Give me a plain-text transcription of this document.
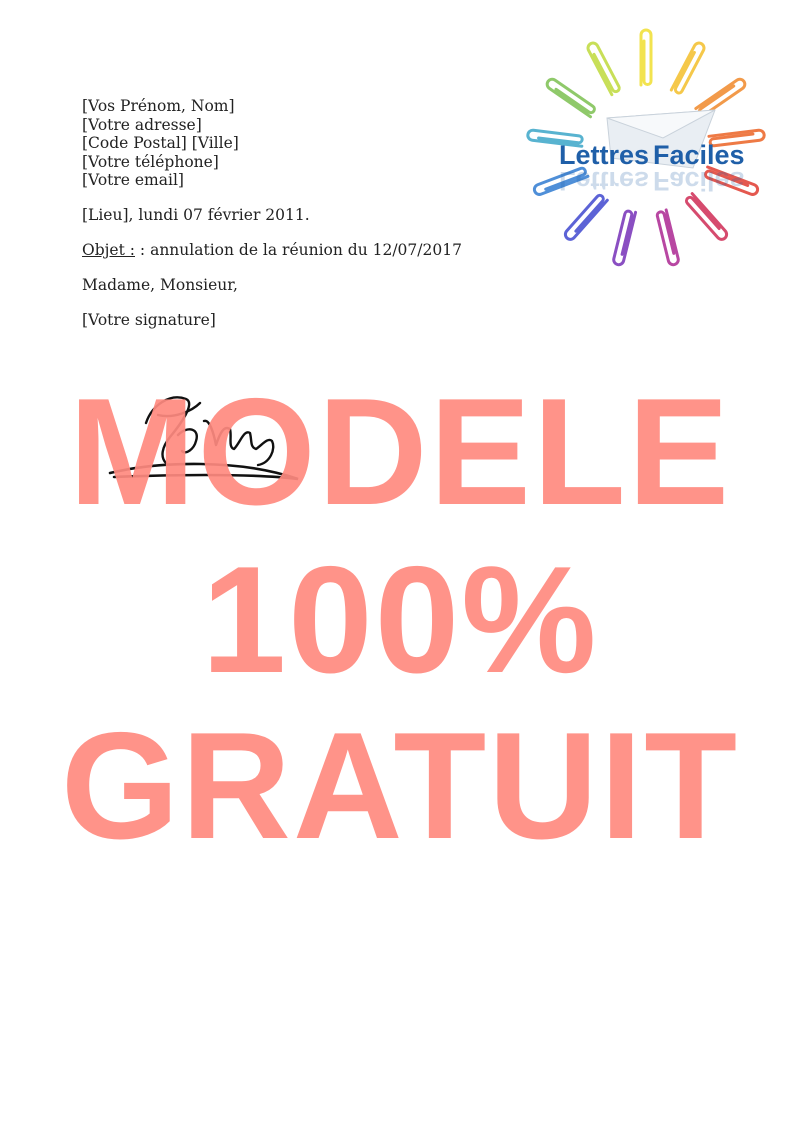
[Vos Prénom, Nom]
[Votre adresse]
[Code Postal] [Ville]
[Votre téléphone]
[Votre email]
[Lieu], lundi 07 février 2011.
Objet : : annulation de la réunion du 12/07/2017
Madame, Monsieur,
[Votre signature]
Lettres Faciles
Lettres Faciles
MODELE
100%
GRATUIT
